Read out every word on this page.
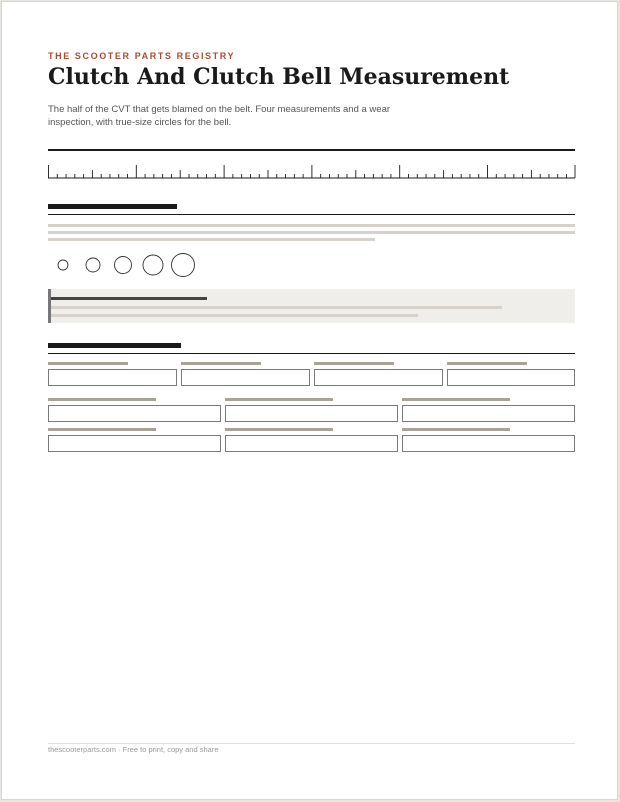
THE SCOOTER PARTS REGISTRY
Clutch And Clutch Bell Measurement
The half of the CVT that gets blamed on the belt. Four measurements and a wear inspection, with true-size circles for the bell.
thescooterparts.com · Free to print, copy and share
